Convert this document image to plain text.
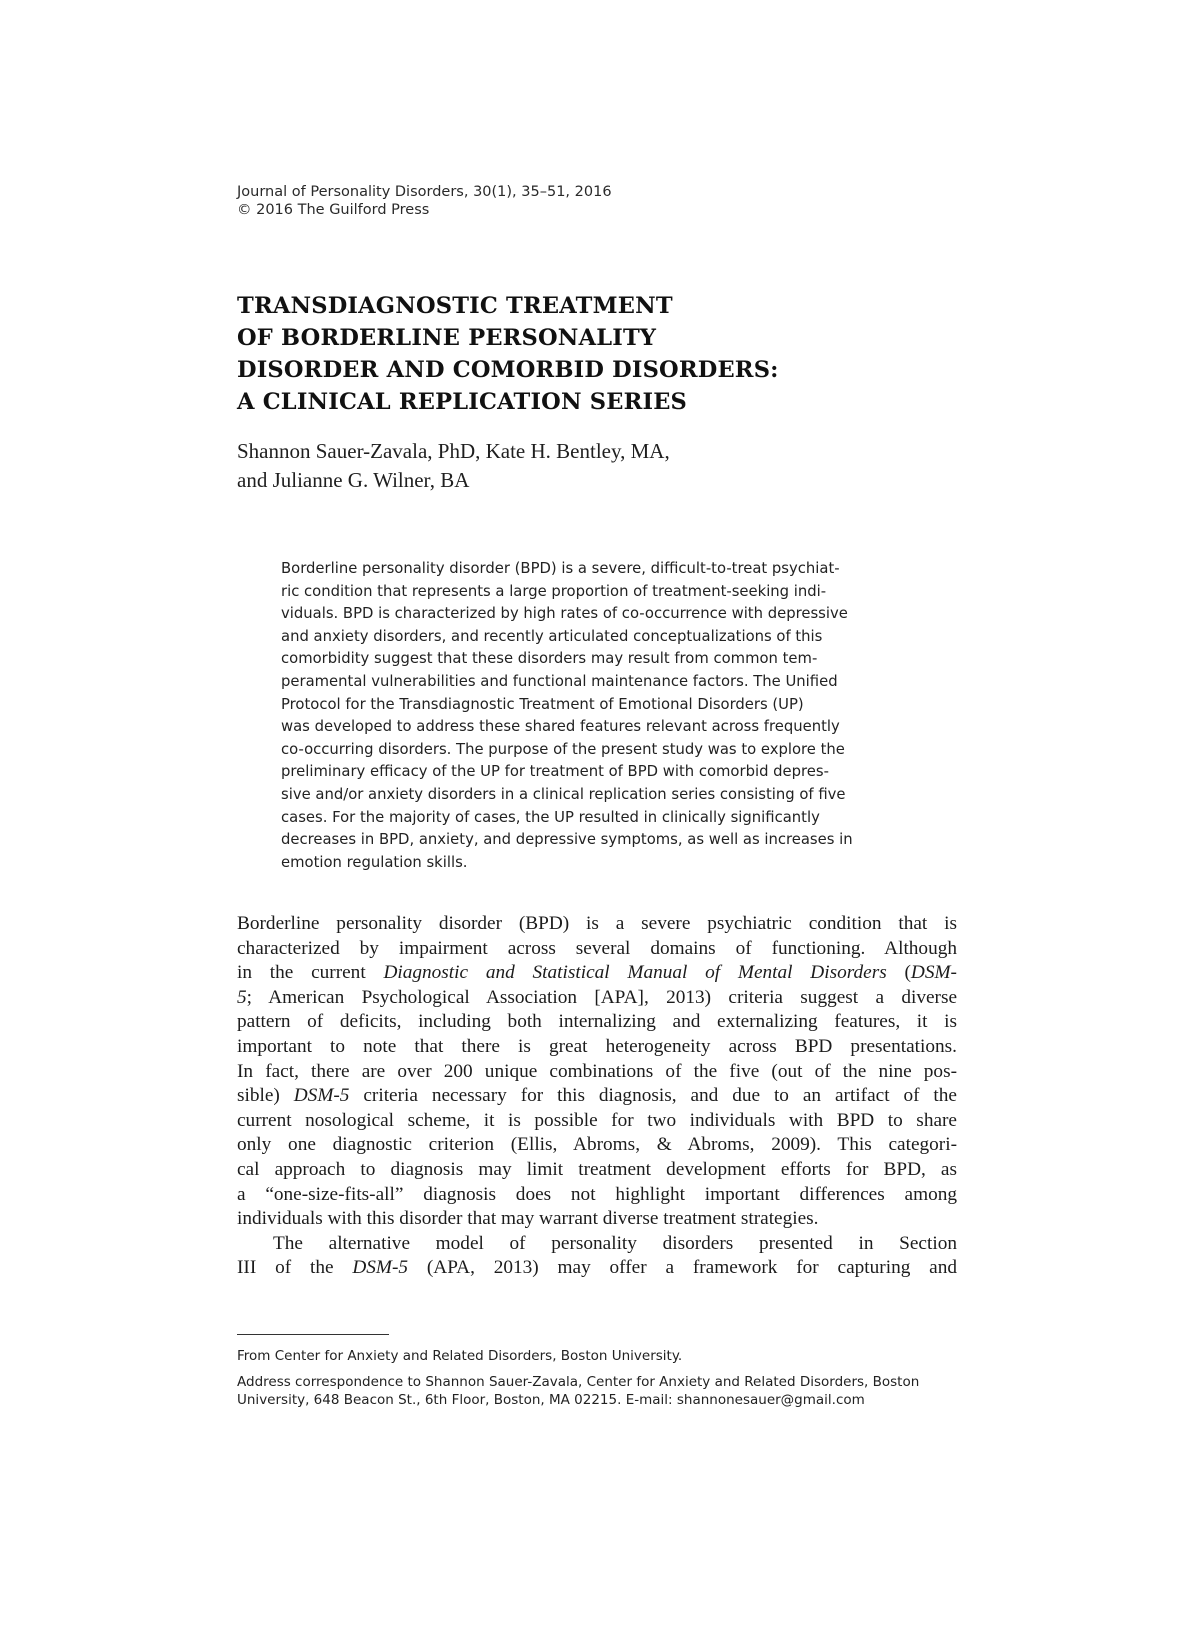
Journal of Personality Disorders, 30(1), 35–51, 2016
© 2016 The Guilford Press
TRANSDIAGNOSTIC TREATMENT
OF BORDERLINE PERSONALITY
DISORDER AND COMORBID DISORDERS:
A CLINICAL REPLICATION SERIES
Shannon Sauer-Zavala, PhD, Kate H. Bentley, MA,
and Julianne G. Wilner, BA
Borderline personality disorder (BPD) is a severe, difficult-to-treat psychiat-
ric condition that represents a large proportion of treatment-seeking indi-
viduals. BPD is characterized by high rates of co-occurrence with depressive
and anxiety disorders, and recently articulated conceptualizations of this
comorbidity suggest that these disorders may result from common tem-
peramental vulnerabilities and functional maintenance factors. The Unified
Protocol for the Transdiagnostic Treatment of Emotional Disorders (UP)
was developed to address these shared features relevant across frequently
co-occurring disorders. The purpose of the present study was to explore the
preliminary efficacy of the UP for treatment of BPD with comorbid depres-
sive and/or anxiety disorders in a clinical replication series consisting of five
cases. For the majority of cases, the UP resulted in clinically significantly
decreases in BPD, anxiety, and depressive symptoms, as well as increases in
emotion regulation skills.
Borderline personality disorder (BPD) is a severe psychiatric condition that is
characterized by impairment across several domains of functioning. Although
in the current Diagnostic and Statistical Manual of Mental Disorders (DSM-
5; American Psychological Association [APA], 2013) criteria suggest a diverse
pattern of deficits, including both internalizing and externalizing features, it is
important to note that there is great heterogeneity across BPD presentations.
In fact, there are over 200 unique combinations of the five (out of the nine pos-
sible) DSM-5 criteria necessary for this diagnosis, and due to an artifact of the
current nosological scheme, it is possible for two individuals with BPD to share
only one diagnostic criterion (Ellis, Abroms, & Abroms, 2009). This categori-
cal approach to diagnosis may limit treatment development efforts for BPD, as
a “one-size-fits-all” diagnosis does not highlight important differences among
individuals with this disorder that may warrant diverse treatment strategies.
The alternative model of personality disorders presented in Section
III of the DSM-5 (APA, 2013) may offer a framework for capturing and
From Center for Anxiety and Related Disorders, Boston University.
Address correspondence to Shannon Sauer-Zavala, Center for Anxiety and Related Disorders, Boston
University, 648 Beacon St., 6th Floor, Boston, MA 02215. E-mail: shannonesauer@gmail.com
